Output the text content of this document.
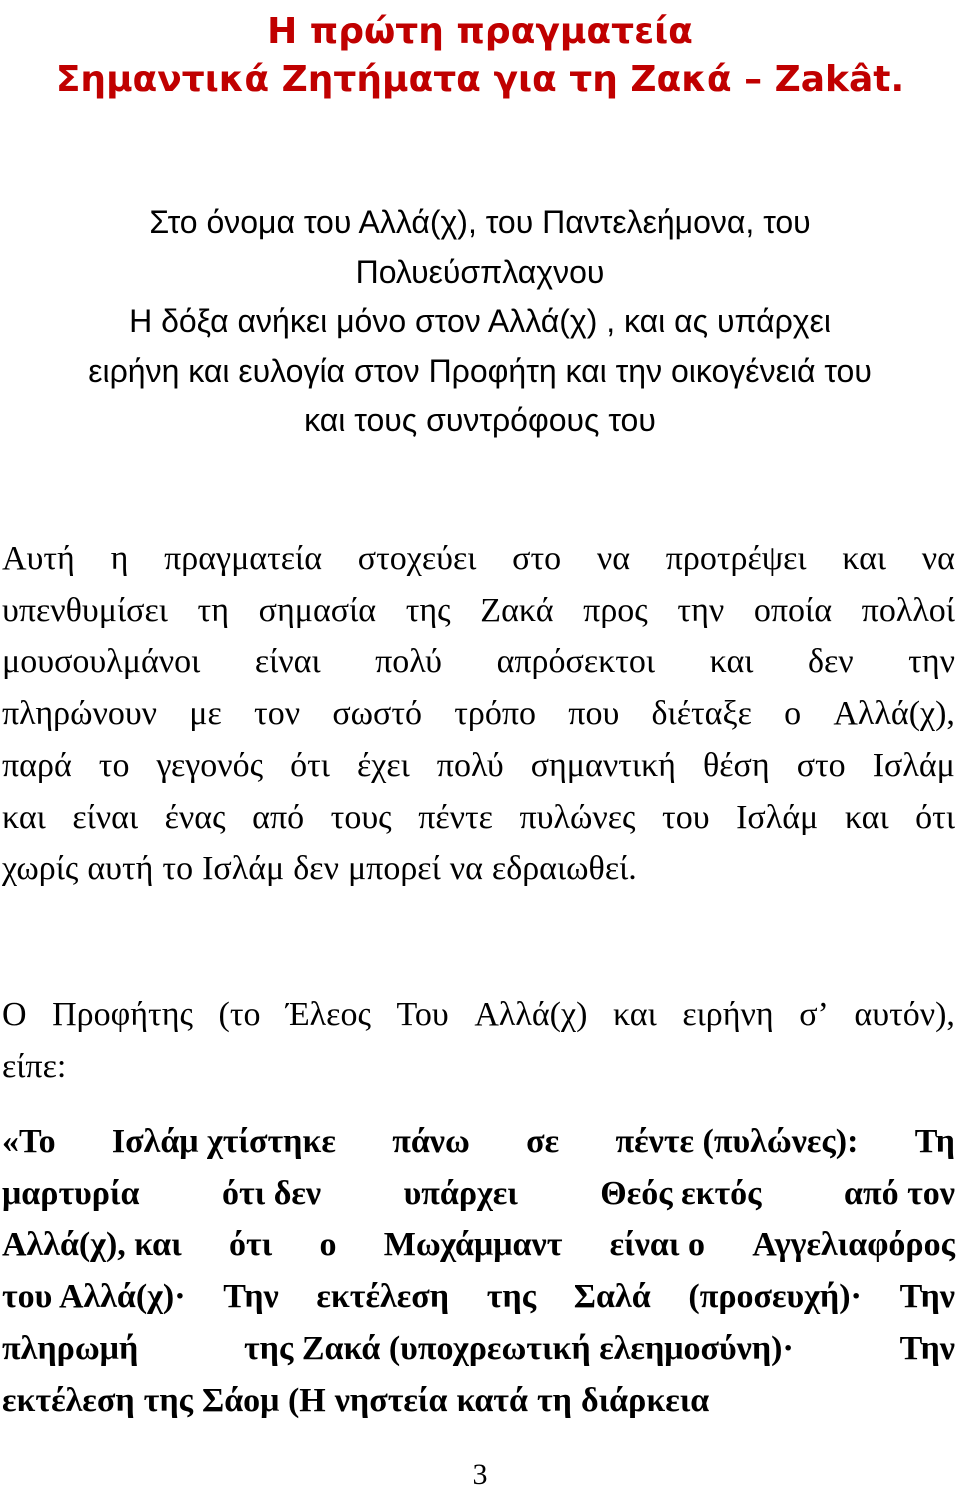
Η πρώτη πραγματεία
Σημαντικά Ζητήματα για τη Ζακά – Zakât.
Στο όνομα του Αλλά(χ), του Παντελεήμονα, του
Πολυεύσπλαχνου
Η δόξα ανήκει μόνο στον Αλλά(χ) , και ας υπάρχει
ειρήνη και ευλογία στον Προφήτη και την οικογένειά του
και τους συντρόφους του
Αυτή η πραγματεία στοχεύει στο να προτρέψει και να
υπενθυμίσει τη σημασία της Ζακά προς την οποία πολλοί
μουσουλμάνοι είναι πολύ απρόσεκτοι και δεν την
πληρώνουν με τον σωστό τρόπο που διέταξε ο Αλλά(χ),
παρά το γεγονός ότι έχει πολύ σημαντική θέση στο Ισλάμ
και είναι ένας από τους πέντε πυλώνες του Ισλάμ και ότι
χωρίς αυτή το Ισλάμ δεν μπορεί να εδραιωθεί.
Ο Προφήτης (το Έλεος Του Αλλά(χ) και ειρήνη σ’ αυτόν),
είπε:
«Το Ισλάμ χτίστηκε πάνω σε πέντε (πυλώνες): Τη
μαρτυρία ότι δεν υπάρχει Θεός εκτός από τον
Αλλά(χ), και ότι ο Μωχάμμαντ είναι ο Αγγελιαφόρος
του Αλλά(χ)· Την εκτέλεση της Σαλά (προσευχή)· Την
πληρωμή	της Ζακά (υποχρεωτική ελεημοσύνη)·	Την
εκτέλεση της Σάομ (Η νηστεία κατά τη διάρκεια
3
